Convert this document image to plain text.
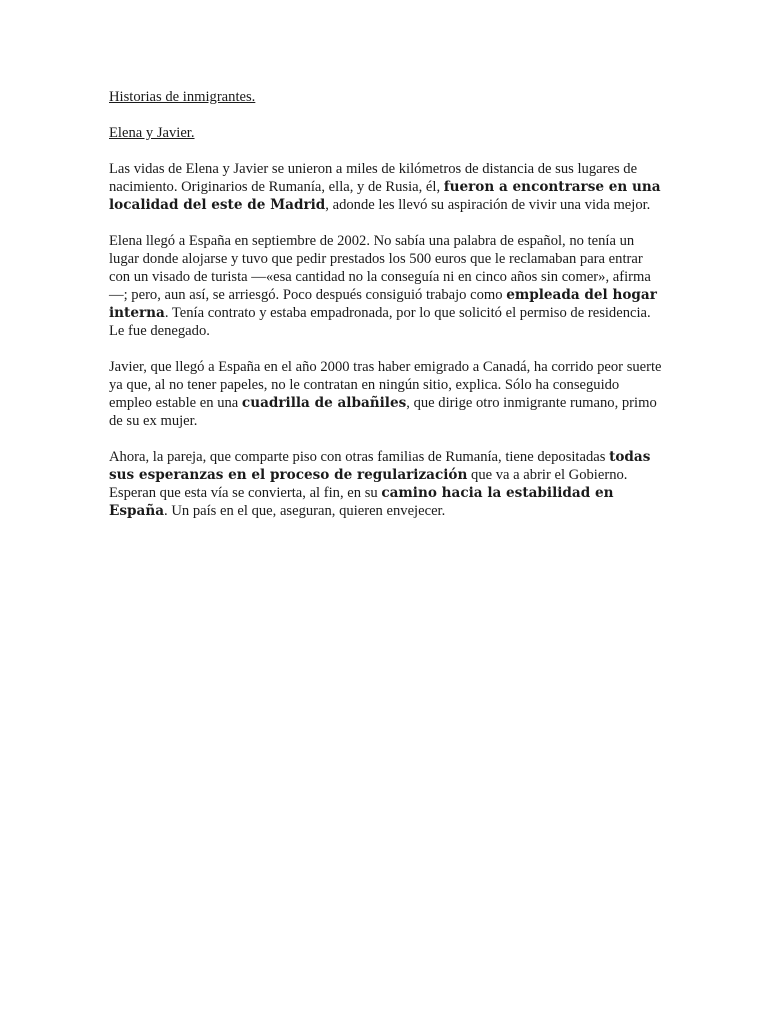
Historias de inmigrantes.

Elena y Javier.

Las vidas de Elena y Javier se unieron a miles de kilómetros de distancia de sus lugares de nacimiento. Originarios de Rumanía, ella, y de Rusia, él, fueron a encontrarse en una localidad del este de Madrid, adonde les llevó su aspiración de vivir una vida mejor.

Elena llegó a España en septiembre de 2002. No sabía una palabra de español, no tenía un lugar donde alojarse y tuvo que pedir prestados los 500 euros que le reclamaban para entrar con un visado de turista —«esa cantidad no la conseguía ni en cinco años sin comer», afirma—; pero, aun así, se arriesgó. Poco después consiguió trabajo como empleada del hogar interna. Tenía contrato y estaba empadronada, por lo que solicitó el permiso de residencia. Le fue denegado.

Javier, que llegó a España en el año 2000 tras haber emigrado a Canadá, ha corrido peor suerte ya que, al no tener papeles, no le contratan en ningún sitio, explica. Sólo ha conseguido empleo estable en una cuadrilla de albañiles, que dirige otro inmigrante rumano, primo de su ex mujer.

Ahora, la pareja, que comparte piso con otras familias de Rumanía, tiene depositadas todas sus esperanzas en el proceso de regularización que va a abrir el Gobierno. Esperan que esta vía se convierta, al fin, en su camino hacia la estabilidad en España. Un país en el que, aseguran, quieren envejecer.
